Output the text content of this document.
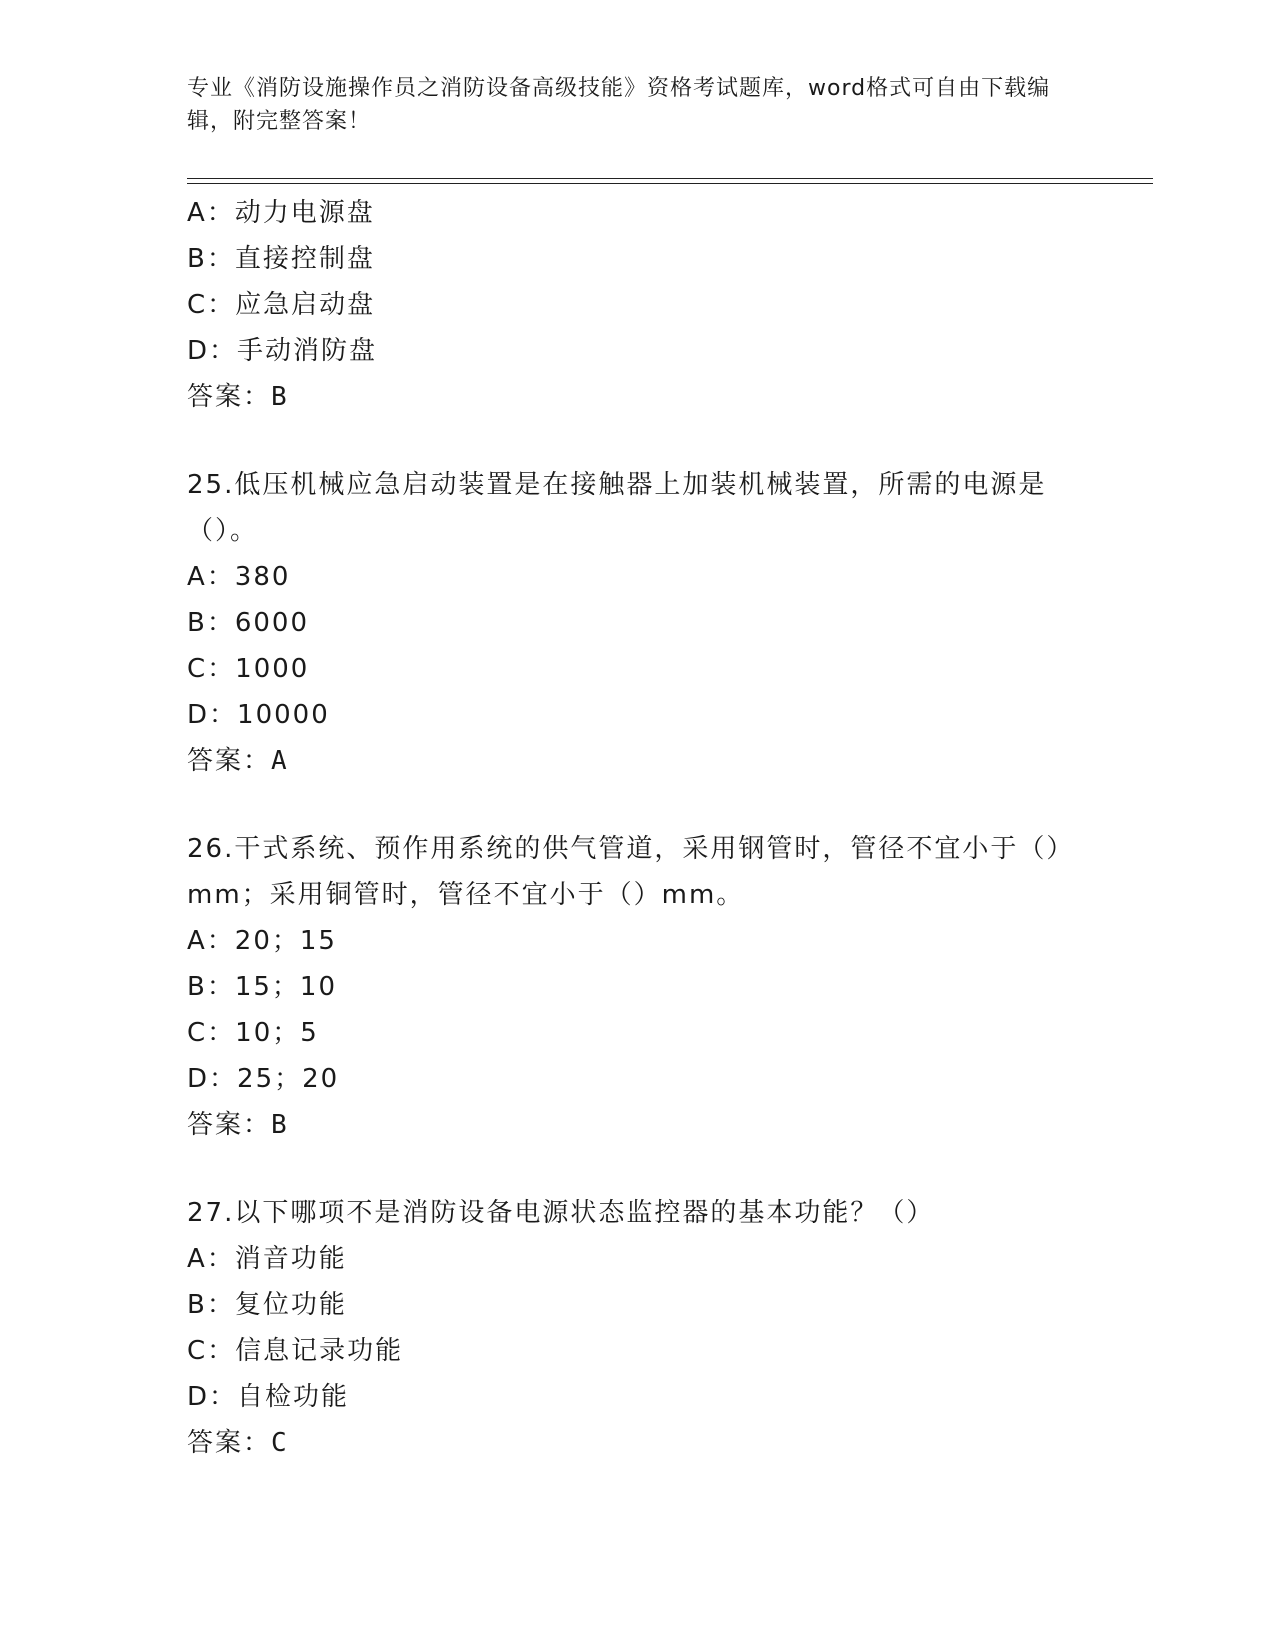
专业《消防设施操作员之消防设备高级技能》资格考试题库，word格式可自由下载编辑，附完整答案！
A：动力电源盘
B：直接控制盘
C：应急启动盘
D：手动消防盘
答案：B
25.低压机械应急启动装置是在接触器上加装机械装置，所需的电源是（）。
A：380
B：6000
C：1000
D：10000
答案：A
26.干式系统、预作用系统的供气管道，采用钢管时，管径不宜小于（）mm；采用铜管时，管径不宜小于（）mm。
A：20；15
B：15；10
C：10；5
D：25；20
答案：B
27.以下哪项不是消防设备电源状态监控器的基本功能？（）
A：消音功能
B：复位功能
C：信息记录功能
D：自检功能
答案：C
